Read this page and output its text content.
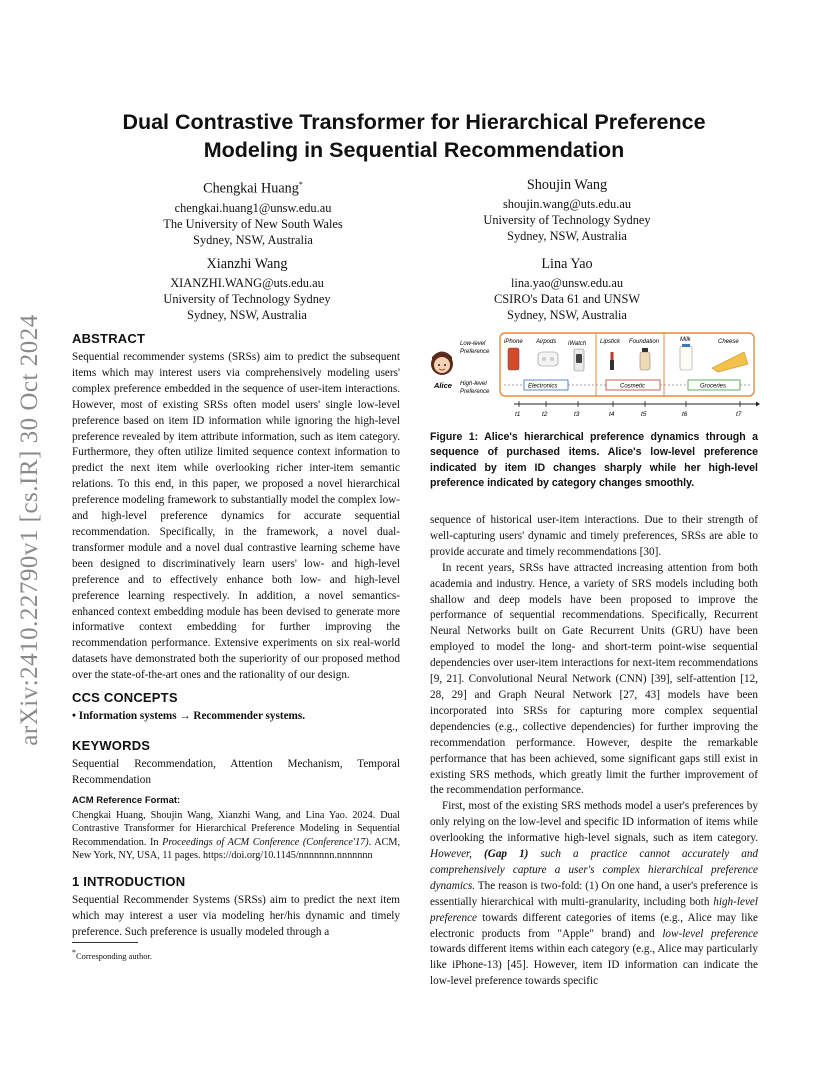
arXiv:2410.22790v1 [cs.IR] 30 Oct 2024
Dual Contrastive Transformer for Hierarchical Preference
Modeling in Sequential Recommendation
Chengkai Huang*
chengkai.huang1@unsw.edu.au
The University of New South Wales
Sydney, NSW, Australia
Shoujin Wang
shoujin.wang@uts.edu.au
University of Technology Sydney
Sydney, NSW, Australia
Xianzhi Wang
XIANZHI.WANG@uts.edu.au
University of Technology Sydney
Sydney, NSW, Australia
Lina Yao
lina.yao@unsw.edu.au
CSIRO's Data 61 and UNSW
Sydney, NSW, Australia
ABSTRACT

Sequential recommender systems (SRSs) aim to predict the subsequent items which may interest users via comprehensively modeling users' complex preference embedded in the sequence of user-item interactions. However, most of existing SRSs often model users' single low-level preference based on item ID information while ignoring the high-level preference revealed by item attribute information, such as item category. Furthermore, they often utilize limited sequence context information to predict the next item while overlooking richer inter-item semantic relations. To this end, in this paper, we proposed a novel hierarchical preference modeling framework to substantially model the complex low- and high-level preference dynamics for accurate sequential recommendation. Specifically, in the framework, a novel dual-transformer module and a novel dual contrastive learning scheme have been designed to discriminatively learn users' low- and high-level preference and to effectively enhance both low- and high-level preference learning respectively. In addition, a novel semantics-enhanced context embedding module has been devised to generate more informative context embedding for further improving the recommendation performance. Extensive experiments on six real-world datasets have demonstrated both the superiority of our proposed method over the state-of-the-art ones and the rationality of our design.

CCS CONCEPTS
• Information systems → Recommender systems.
KEYWORDS

Sequential Recommendation, Attention Mechanism, Temporal Recommendation

ACM Reference Format:
Chengkai Huang, Shoujin Wang, Xianzhi Wang, and Lina Yao. 2024. Dual Contrastive Transformer for Hierarchical Preference Modeling in Sequential Recommendation. In Proceedings of ACM Conference (Conference'17). ACM, New York, NY, USA, 11 pages. https://doi.org/10.1145/nnnnnnn.nnnnnnn
1 INTRODUCTION

Sequential Recommender Systems (SRSs) aim to predict the next item which may interest a user via modeling her/his dynamic and timely preference. Such preference is usually modeled through a

*Corresponding author.
Alice
Low-level
Preference
High-level
Preference
iPhone Airpods iWatch Lipstick Foundation	Milk	Cheese
Electronics	Cosmetic	Groceries
t1	t2	t3	t4	t5	t6	t7
Figure 1: Alice's hierarchical preference dynamics through a sequence of purchased items. Alice's low-level preference indicated by item ID changes sharply while her high-level preference indicated by category changes smoothly.

sequence of historical user-item interactions. Due to their strength of well-capturing users' dynamic and timely preferences, SRSs are able to provide accurate and timely recommendations [30].

In recent years, SRSs have attracted increasing attention from both academia and industry. Hence, a variety of SRS models including both shallow and deep models have been proposed to improve the performance of sequential recommendations. Specifically, Recurrent Neural Networks built on Gate Recurrent Units (GRU) have been employed to model the long- and short-term point-wise sequential dependencies over user-item interactions for next-item recommendations [9, 21]. Convolutional Neural Network (CNN) [39], self-attention [12, 28, 29] and Graph Neural Network [27, 43] models have been incorporated into SRSs for capturing more complex sequential dependencies (e.g., collective dependencies) for further improving the recommendation performance. However, despite the remarkable performance that has been achieved, some significant gaps still exist in existing SRS methods, which greatly limit the further improvement of the recommendation performance.

First, most of the existing SRS methods model a user's preferences by only relying on the low-level and specific ID information of items while overlooking the informative high-level signals, such as item category. However, (Gap 1) such a practice cannot accurately and comprehensively capture a user's complex hierarchical preference dynamics. The reason is two-fold: (1) On one hand, a user's preference is essentially hierarchical with multi-granularity, including both high-level preference towards different categories of items (e.g., Alice may like electronic products from "Apple" brand) and low-level preference towards different items within each category (e.g., Alice may particularly like iPhone-13) [45]. However, item ID information can indicate the low-level preference towards specific
